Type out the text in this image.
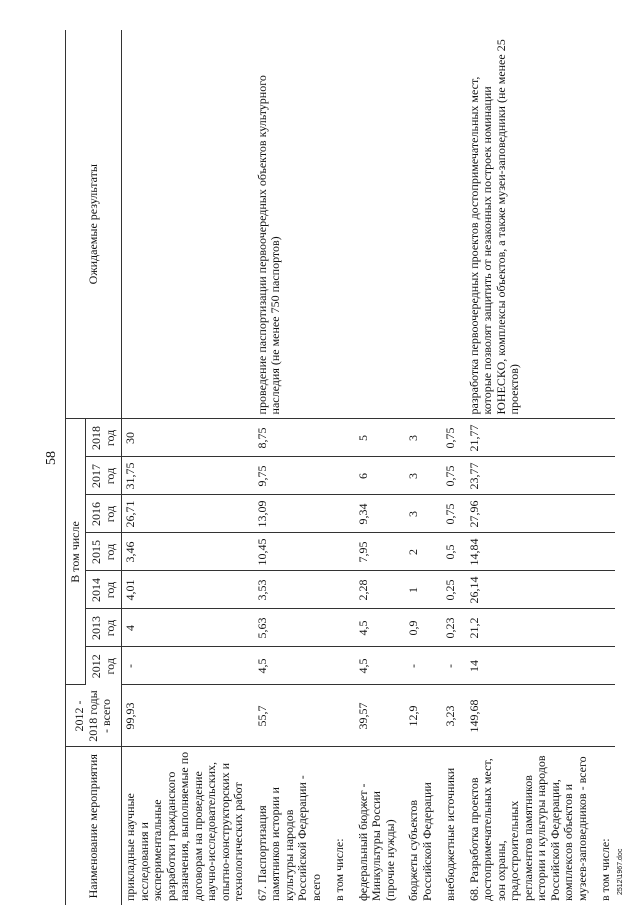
58
Наименование мероприятия	2012 - 2018 годы - всего	В том числе							Ожидаемые результаты
		2012 год	2013 год	2014 год	2015 год	2016 год	2017 год	2018 год	
прикладные научные исследования и экспериментальные разработки гражданского назначения, выполняемые по договорам на проведение научно-исследовательских, опытно-конструкторских и технологических работ	99,93	-	4	4,01	3,46	26,71	31,75	30	
67. Паспортизация памятников истории и культуры народов Российской Федерации - всего	55,7	4,5	5,63	3,53	10,45	13,09	9,75	8,75	проведение паспортизации первоочередных объектов культурного наследия (не менее 750 паспортов)
в том числе:									
федеральный бюджет - Минкультуры России (прочие нужды)	39,57	4,5	4,5	2,28	7,95	9,34	6	5	
бюджеты субъектов Российской Федерации	12,9	-	0,9	1	2	3	3	3	
внебюджетные источники	3,23	-	0,23	0,25	0,5	0,75	0,75	0,75	
68. Разработка проектов достопримечательных мест, зон охраны, градостроительных регламентов памятников истории и культуры народов Российской Федерации, комплексов объектов и музеев-заповедников - всего	149,68	14	21,2	26,14	14,84	27,96	23,77	21,77	разработка первоочередных проектов достопримечательных мест, которые позволят защитить от незаконных построек номинации ЮНЕСКО, комплексы объектов, а также музеи-заповедники (не менее 25 проектов)
в том числе:									2512\1967.doc
